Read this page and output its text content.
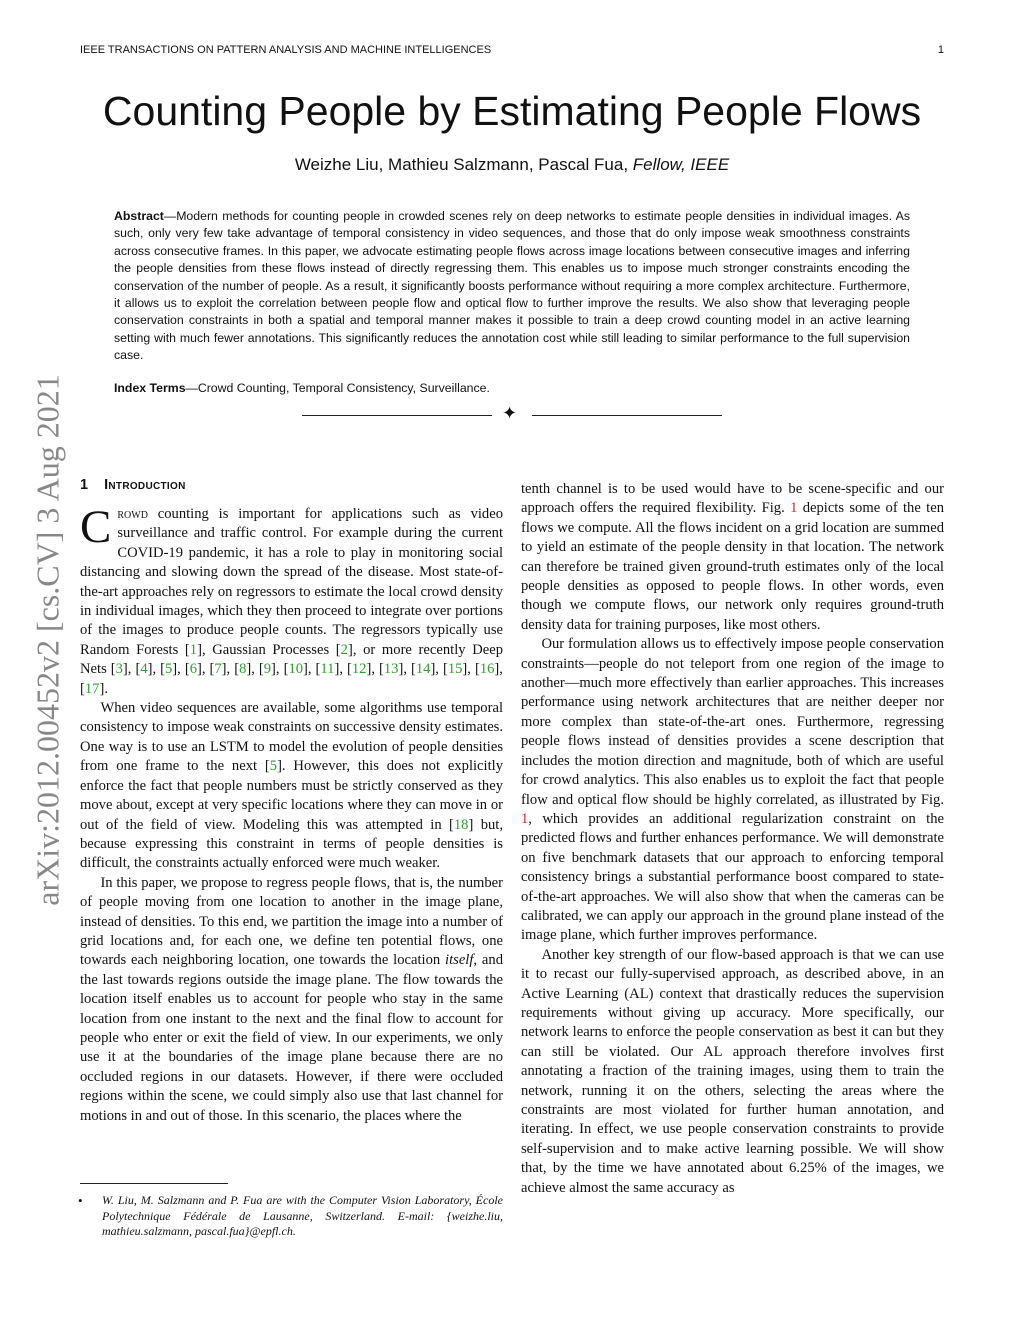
IEEE TRANSACTIONS ON PATTERN ANALYSIS AND MACHINE INTELLIGENCES	1
Counting People by Estimating People Flows
Weizhe Liu, Mathieu Salzmann, Pascal Fua, Fellow, IEEE
Abstract—Modern methods for counting people in crowded scenes rely on deep networks to estimate people densities in individual images. As such, only very few take advantage of temporal consistency in video sequences, and those that do only impose weak smoothness constraints across consecutive frames. In this paper, we advocate estimating people flows across image locations between consecutive images and inferring the people densities from these flows instead of directly regressing them. This enables us to impose much stronger constraints encoding the conservation of the number of people. As a result, it significantly boosts performance without requiring a more complex architecture. Furthermore, it allows us to exploit the correlation between people flow and optical flow to further improve the results. We also show that leveraging people conservation constraints in both a spatial and temporal manner makes it possible to train a deep crowd counting model in an active learning setting with much fewer annotations. This significantly reduces the annotation cost while still leading to similar performance to the full supervision case.
Index Terms—Crowd Counting, Temporal Consistency, Surveillance.
✦
arXiv:2012.00452v2 [cs.CV] 3 Aug 2021 1 Introduction

Crowd counting is important for applications such as video surveillance and traffic control. For example during the current COVID-19 pandemic, it has a role to play in monitoring social distancing and slowing down the spread of the disease. Most state-of-the-art approaches rely on regressors to estimate the local crowd density in individual images, which they then proceed to integrate over portions of the images to produce people counts. The regressors typically use Random Forests [1], Gaussian Processes [2], or more recently Deep Nets [3], [4], [5], [6], [7], [8], [9], [10], [11], [12], [13], [14], [15], [16], [17].

When video sequences are available, some algorithms use temporal consistency to impose weak constraints on successive density estimates. One way is to use an LSTM to model the evolution of people densities from one frame to the next [5]. However, this does not explicitly enforce the fact that people numbers must be strictly conserved as they move about, except at very specific locations where they can move in or out of the field of view. Modeling this was attempted in [18] but, because expressing this constraint in terms of people densities is difficult, the constraints actually enforced were much weaker.

In this paper, we propose to regress people flows, that is, the number of people moving from one location to another in the image plane, instead of densities. To this end, we partition the image into a number of grid locations and, for each one, we define ten potential flows, one towards each neighboring location, one towards the location itself, and the last towards regions outside the image plane. The flow towards the location itself enables us to account for people who stay in the same location from one instant to the next and the final flow to account for people who enter or exit the field of view. In our experiments, we only use it at the boundaries of the image plane because there are no occluded regions in our datasets. However, if there were occluded regions within the scene, we could simply also use that last channel for motions in and out of those. In this scenario, the places where the

•	W. Liu, M. Salzmann and P. Fua are with the Computer Vision Laboratory, École Polytechnique Fédérale de Lausanne, Switzerland. E-mail: {weizhe.liu, mathieu.salzmann, pascal.fua}@epfl.ch.

tenth channel is to be used would have to be scene-specific and our approach offers the required flexibility. Fig. 1 depicts some of the ten flows we compute. All the flows incident on a grid location are summed to yield an estimate of the people density in that location. The network can therefore be trained given ground-truth estimates only of the local people densities as opposed to people flows. In other words, even though we compute flows, our network only requires ground-truth density data for training purposes, like most others.

Our formulation allows us to effectively impose people conservation constraints—people do not teleport from one region of the image to another—much more effectively than earlier approaches. This increases performance using network architectures that are neither deeper nor more complex than state-of-the-art ones. Furthermore, regressing people flows instead of densities provides a scene description that includes the motion direction and magnitude, both of which are useful for crowd analytics. This also enables us to exploit the fact that people flow and optical flow should be highly correlated, as illustrated by Fig. 1, which provides an additional regularization constraint on the predicted flows and further enhances performance. We will demonstrate on five benchmark datasets that our approach to enforcing temporal consistency brings a substantial performance boost compared to state-of-the-art approaches. We will also show that when the cameras can be calibrated, we can apply our approach in the ground plane instead of the image plane, which further improves performance.

Another key strength of our flow-based approach is that we can use it to recast our fully-supervised approach, as described above, in an Active Learning (AL) context that drastically reduces the supervision requirements without giving up accuracy. More specifically, our network learns to enforce the people conservation as best it can but they can still be violated. Our AL approach therefore involves first annotating a fraction of the training images, using them to train the network, running it on the others, selecting the areas where the constraints are most violated for further human annotation, and iterating. In effect, we use people conservation constraints to provide self-supervision and to make active learning possible. We will show that, by the time we have annotated about 6.25% of the images, we achieve almost the same accuracy as
